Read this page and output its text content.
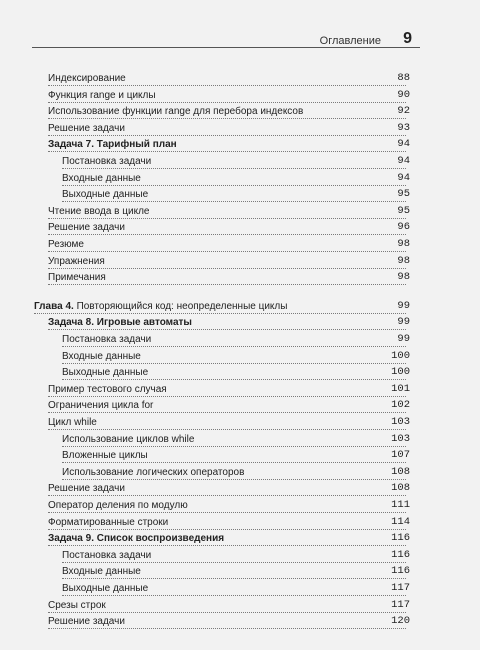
Оглавление 9
Индексирование	88
Функция range и циклы	90
Использование функции range для перебора индексов	92
Решение задачи	93
Задача 7. Тарифный план	94
Постановка задачи	94
Входные данные	94
Выходные данные	95
Чтение ввода в цикле	95
Решение задачи	96
Резюме	98
Упражнения	98
Примечания	98
Глава 4. Повторяющийся код: неопределенные циклы	99
Задача 8. Игровые автоматы	99
Постановка задачи	99
Входные данные	100
Выходные данные	100
Пример тестового случая	101
Ограничения цикла for	102
Цикл while	103
Использование циклов while	103
Вложенные циклы	107
Использование логических операторов	108
Решение задачи	108
Оператор деления по модулю	111
Форматированные строки	114
Задача 9. Список воспроизведения	116
Постановка задачи	116
Входные данные	116
Выходные данные	117
Срезы строк	117
Решение задачи	120
